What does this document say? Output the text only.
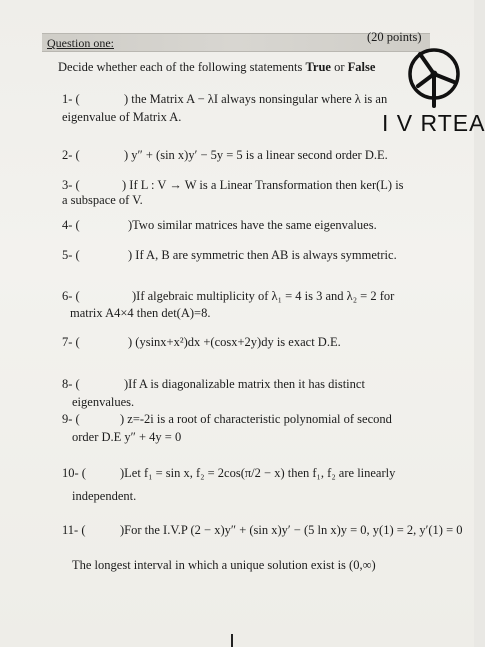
Question one:	(20 points)
Decide whether each of the following statements True or False
1- (	) the Matrix A − λI always nonsingular where λ is an
eigenvalue of Matrix A.
2- (	) y″ + (sin x)y′ − 5y = 5 is a linear second order D.E.
3- (	) If L : V → W is a Linear Transformation then ker(L) is
a subspace of V.
4- (	)Two similar matrices have the same eigenvalues.
5- (	) If A, B are symmetric then AB is always symmetric.
6- (	)If algebraic multiplicity of λ₁ = 4 is 3 and λ₂ = 2 for
matrix A4×4 then det(A)=8.
7- (	) (ysinx+x²)dx +(cosx+2y)dy is exact D.E.
8- (	)If A is diagonalizable matrix then it has distinct
eigenvalues.
9- (	) z=-2i is a root of characteristic polynomial of second
order D.E y″ + 4y = 0
10- (	)Let f₁ = sin x, f₂ = 2cos(π/2 − x) then f₁, f₂ are linearly
independent.
11- (	)For the I.V.P (2 − x)y″ + (sin x)y′ − (5 ln x)y = 0, y(1) = 2, y′(1) = 0
The longest interval in which a unique solution exist is (0,∞)
I V RTEA
